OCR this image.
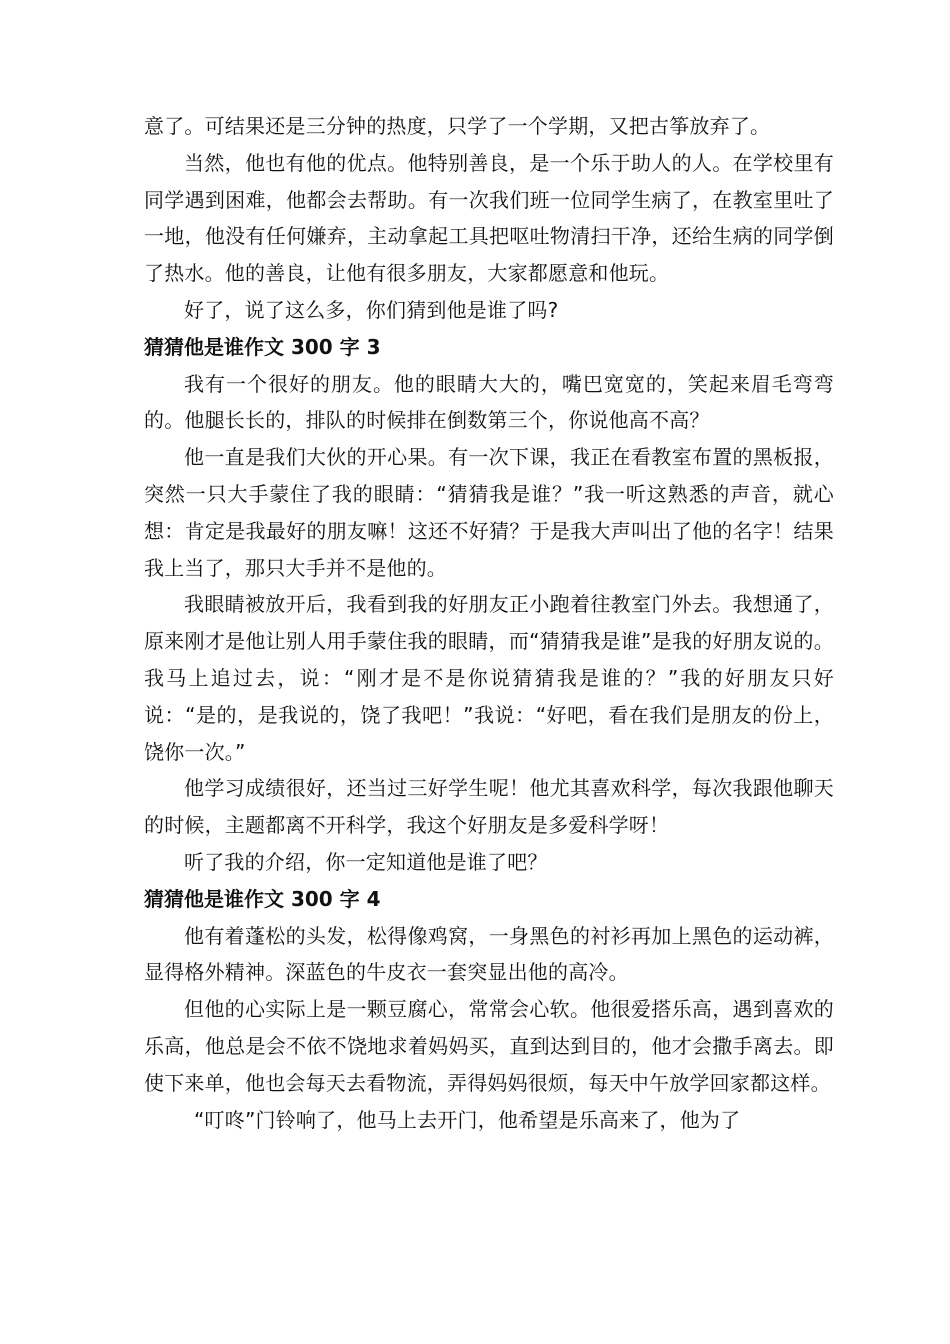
意了。可结果还是三分钟的热度，只学了一个学期，又把古筝放弃了。

当然，他也有他的优点。他特别善良，是一个乐于助人的人。在学校里有同学遇到困难，他都会去帮助。有一次我们班一位同学生病了，在教室里吐了一地，他没有任何嫌弃，主动拿起工具把呕吐物清扫干净，还给生病的同学倒了热水。他的善良，让他有很多朋友，大家都愿意和他玩。

好了，说了这么多，你们猜到他是谁了吗?

猜猜他是谁作文 300 字 3

我有一个很好的朋友。他的眼睛大大的，嘴巴宽宽的，笑起来眉毛弯弯的。他腿长长的，排队的时候排在倒数第三个，你说他高不高？

他一直是我们大伙的开心果。有一次下课，我正在看教室布置的黑板报，突然一只大手蒙住了我的眼睛：“猜猜我是谁？”我一听这熟悉的声音，就心想：肯定是我最好的朋友嘛！这还不好猜？于是我大声叫出了他的名字！结果我上当了，那只大手并不是他的。

我眼睛被放开后，我看到我的好朋友正小跑着往教室门外去。我想通了，原来刚才是他让别人用手蒙住我的眼睛，而“猜猜我是谁”是我的好朋友说的。我马上追过去，说：“刚才是不是你说猜猜我是谁的？”我的好朋友只好说：“是的，是我说的，饶了我吧！”我说：“好吧，看在我们是朋友的份上，饶你一次。”

他学习成绩很好，还当过三好学生呢！他尤其喜欢科学，每次我跟他聊天的时候，主题都离不开科学，我这个好朋友是多爱科学呀！

听了我的介绍，你一定知道他是谁了吧？

猜猜他是谁作文 300 字 4

他有着蓬松的头发，松得像鸡窝，一身黑色的衬衫再加上黑色的运动裤，显得格外精神。深蓝色的牛皮衣一套突显出他的高冷。

但他的心实际上是一颗豆腐心，常常会心软。他很爱搭乐高，遇到喜欢的乐高，他总是会不依不饶地求着妈妈买，直到达到目的，他才会撒手离去。即使下来单，他也会每天去看物流，弄得妈妈很烦，每天中午放学回家都这样。

“叮咚”门铃响了，他马上去开门，他希望是乐高来了，他为了
